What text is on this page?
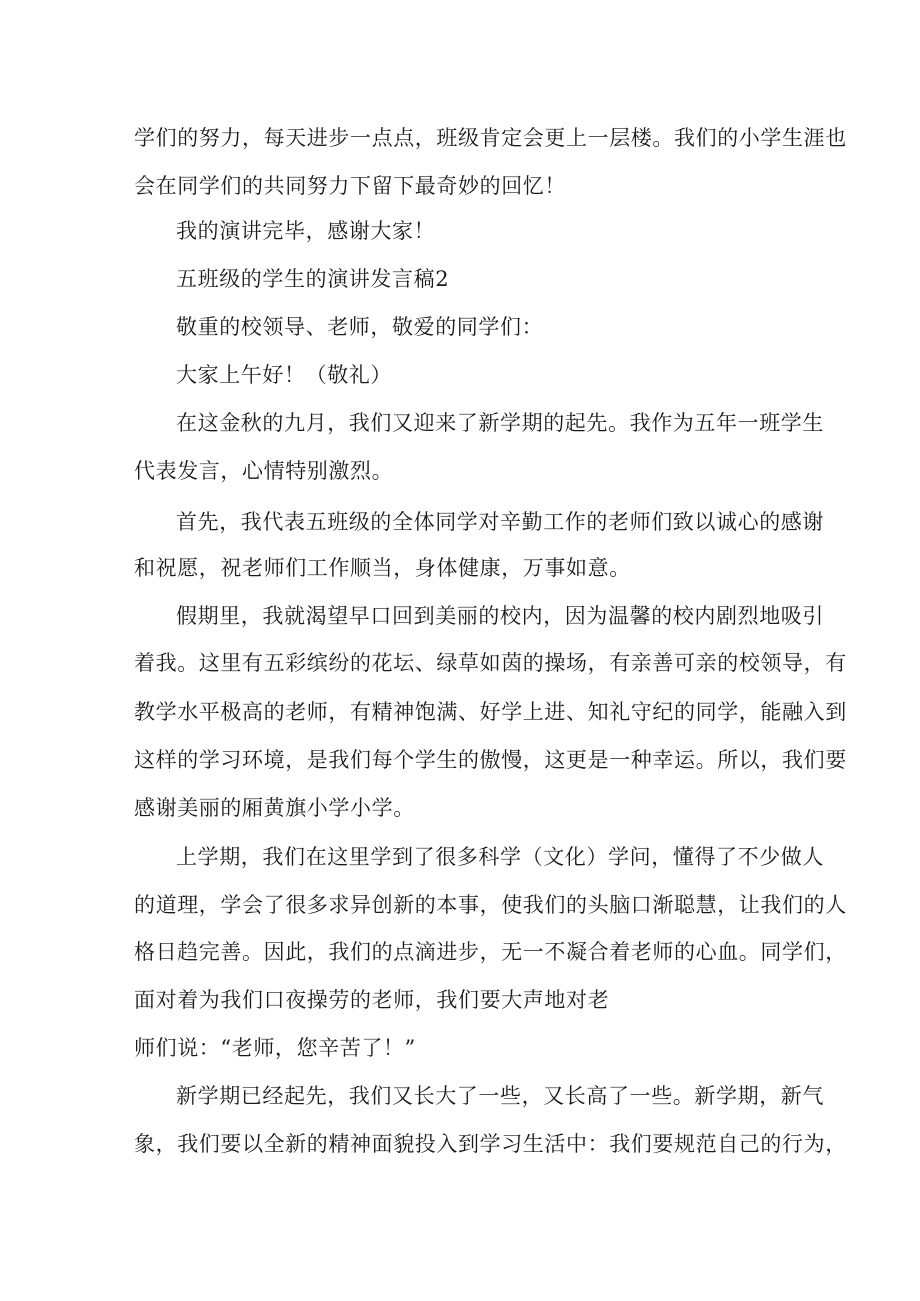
学们的努力，每天进步一点点，班级肯定会更上一层楼。我们的小学生涯也
会在同学们的共同努力下留下最奇妙的回忆！
我的演讲完毕，感谢大家！
五班级的学生的演讲发言稿2
敬重的校领导、老师，敬爱的同学们：
大家上午好！（敬礼）
在这金秋的九月，我们又迎来了新学期的起先。我作为五年一班学生
代表发言，心情特别激烈。
首先，我代表五班级的全体同学对辛勤工作的老师们致以诚心的感谢
和祝愿，祝老师们工作顺当，身体健康，万事如意。
假期里，我就渴望早口回到美丽的校内，因为温馨的校内剧烈地吸引
着我。这里有五彩缤纷的花坛、绿草如茵的操场，有亲善可亲的校领导，有
教学水平极高的老师，有精神饱满、好学上进、知礼守纪的同学，能融入到
这样的学习环境，是我们每个学生的傲慢，这更是一种幸运。所以，我们要
感谢美丽的厢黄旗小学小学。
上学期，我们在这里学到了很多科学（文化）学问，懂得了不少做人
的道理，学会了很多求异创新的本事，使我们的头脑口渐聪慧，让我们的人
格日趋完善。因此，我们的点滴进步，无一不凝合着老师的心血。同学们，
面对着为我们口夜操劳的老师，我们要大声地对老
师们说：“老师，您辛苦了！”
新学期已经起先，我们又长大了一些，又长高了一些。新学期，新气
象，我们要以全新的精神面貌投入到学习生活中：我们要规范自己的行为，
